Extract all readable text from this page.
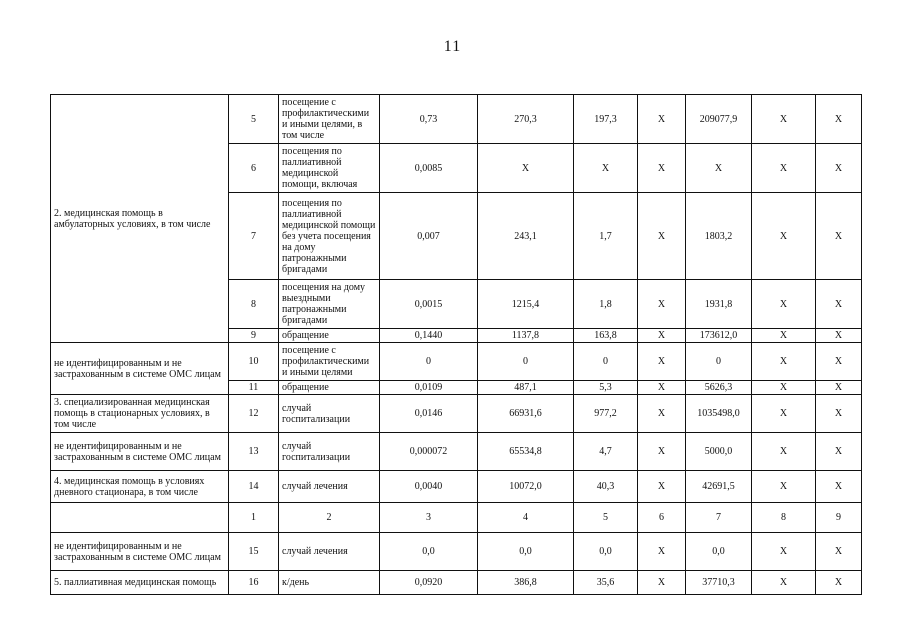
11
2. медицинская помощь в амбулаторных условиях, в том числе	5	посещение с профилактическими и иными целями, в том числе	0,73	270,3	197,3	X	209077,9	X	X
	6	посещения по паллиативной медицинской помощи, включая	0,0085	X	X	X	X	X	X
	7	посещения по паллиативной медицинской помощи без учета посещения на дому патронажными бригадами	0,007	243,1	1,7	X	1803,2	X	X
	8	посещения на дому выездными патронажными бригадами	0,0015	1215,4	1,8	X	1931,8	X	X
	9	обращение	0,1440	1137,8	163,8	X	173612,0	X	X
не идентифицированным и не застрахованным в системе ОМС лицам	10	посещение с профилактическими и иными целями	0	0	0	X	0	X	X
	11	обращение	0,0109	487,1	5,3	X	5626,3	X	X
3. специализированная медицинская помощь в стационарных условиях, в том числе	12	случай госпитализации	0,0146	66931,6	977,2	X	1035498,0	X	X
не идентифицированным и не застрахованным в системе ОМС лицам	13	случай госпитализации	0,000072	65534,8	4,7	X	5000,0	X	X
4. медицинская помощь в условиях дневного стационара, в том числе	14	случай лечения	0,0040	10072,0	40,3	X	42691,5	X	X
	1	2	3	4	5	6	7	8	9
не идентифицированным и не застрахованным в системе ОМС лицам	15	случай лечения	0,0	0,0	0,0	X	0,0	X	X
5. паллиативная медицинская помощь	16	к/день	0,0920	386,8	35,6	X	37710,3	X	X
